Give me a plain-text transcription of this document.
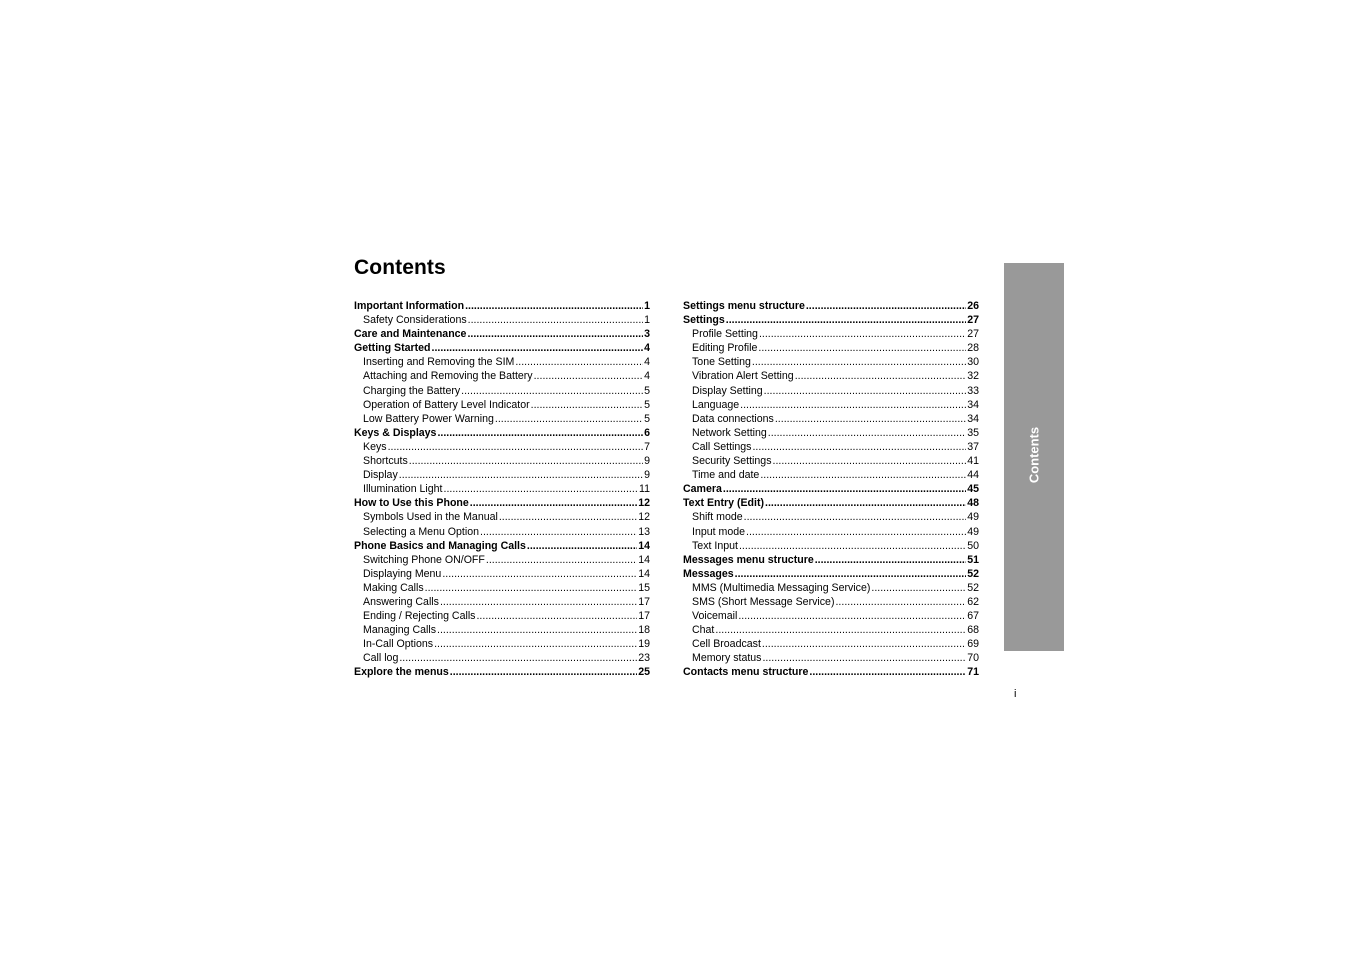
Contents
Important Information .....	1
Safety Considerations .....	1
Care and Maintenance .....	3
Getting Started .....	4
Inserting and Removing the SIM .....	4
Attaching and Removing the Battery .....	4
Charging the Battery .....	5
Operation of Battery Level Indicator .....	5
Low Battery Power Warning .....	5
Keys & Displays .....	6
Keys .....	7
Shortcuts .....	9
Display .....	9
Illumination Light .....	11
How to Use this Phone .....	12
Symbols Used in the Manual .....	12
Selecting a Menu Option .....	13
Phone Basics and Managing Calls .....	14
Switching Phone ON/OFF .....	14
Displaying Menu .....	14
Making Calls .....	15
Answering Calls .....	17
Ending / Rejecting Calls .....	17
Managing Calls .....	18
In-Call Options .....	19
Call log .....	23
Explore the menus .....	25
Settings menu structure .....	26
Settings .....	27
Profile Setting .....	27
Editing Profile .....	28
Tone Setting .....	30
Vibration Alert Setting .....	32
Display Setting .....	33
Language .....	34
Data connections .....	34
Network Setting .....	35
Call Settings .....	37
Security Settings .....	41
Time and date .....	44
Camera .....	45
Text Entry (Edit) .....	48
Shift mode .....	49
Input mode .....	49
Text Input .....	50
Messages menu structure .....	51
Messages .....	52
MMS (Multimedia Messaging Service) .....	52
SMS (Short Message Service) .....	62
Voicemail .....	67
Chat .....	68
Cell Broadcast .....	69
Memory status .....	70
Contacts menu structure .....	71
Contents
i
